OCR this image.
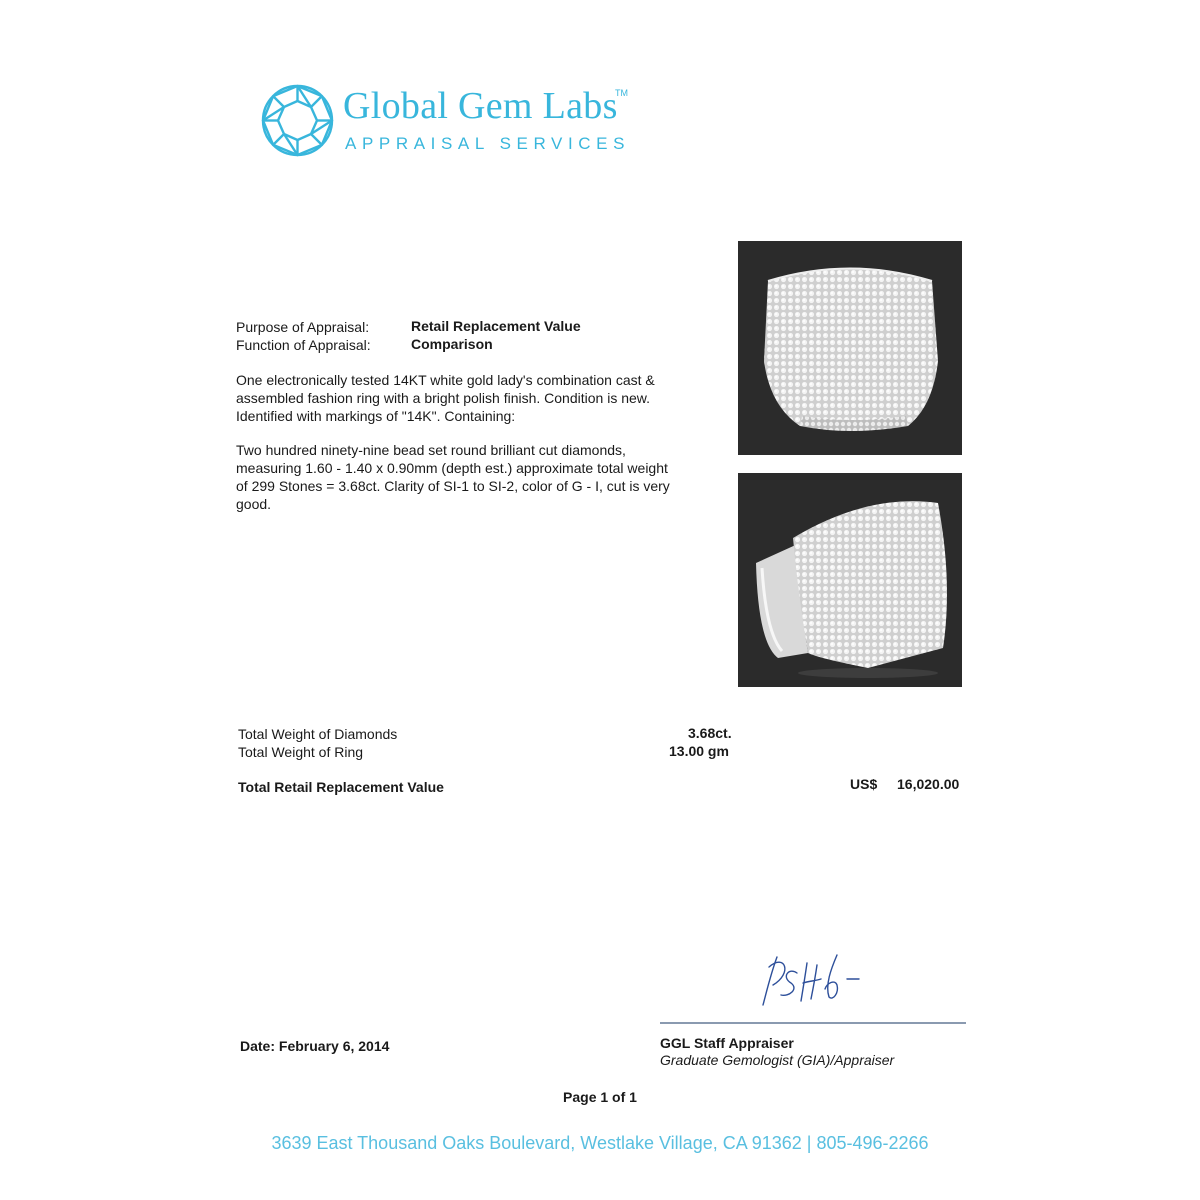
Global Gem Labs
TM
APPRAISAL SERVICES
Purpose of Appraisal:	Retail Replacement Value
Function of Appraisal:	Comparison
One electronically tested 14KT white gold lady's combination cast & assembled fashion ring with a bright polish finish. Condition is new. Identified with markings of "14K". Containing:
Two hundred ninety-nine bead set round brilliant cut diamonds, measuring 1.60 - 1.40 x 0.90mm (depth est.) approximate total weight of 299 Stones = 3.68ct. Clarity of SI-1 to SI-2, color of G - I, cut is very good.
Total Weight of Diamonds	3.68ct.
Total Weight of Ring	13.00 gm
Total Retail Replacement Value	US$ 16,020.00
Date: February 6, 2014	GGL Staff Appraiser
Graduate Gemologist (GIA)/Appraiser
Page 1 of 1
3639 East Thousand Oaks Boulevard, Westlake Village, CA 91362 | 805-496-2266
